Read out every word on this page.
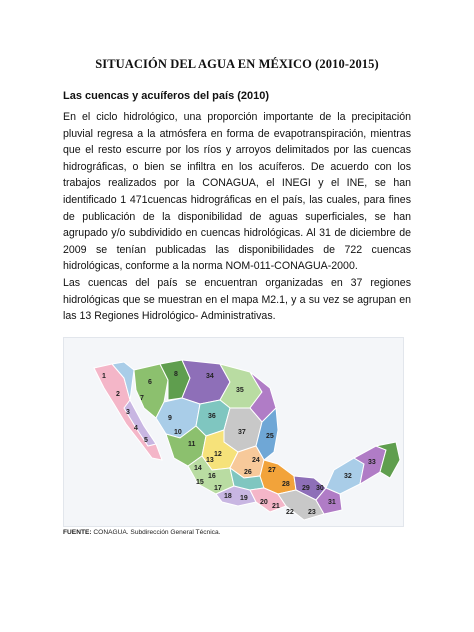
SITUACIÓN DEL AGUA EN MÉXICO (2010-2015)
Las cuencas y acuíferos del país (2010)

En el ciclo hidrológico, una proporción importante de la precipitación pluvial regresa a la atmósfera en forma de evapotranspiración, mientras que el resto escurre por los ríos y arroyos delimitados por las cuencas hidrográficas, o bien se infiltra en los acuíferos. De acuerdo con los trabajos realizados por la CONAGUA, el INEGI y el INE, se han identificado 1 471cuencas hidrográficas en el país, las cuales, para fines de publicación de la disponibilidad de aguas superficiales, se han agrupado y/o subdividido en cuencas hidrológicas. Al 31 de diciembre de 2009 se tenían publicadas las disponibilidades de 722 cuencas hidrológicas, conforme a la norma NOM-011-CONAGUA-2000.

Las cuencas del país se encuentran organizadas en 37 regiones hidrológicas que se muestran en el mapa M2.1, y a su vez se agrupan en las 13 Regiones Hidrológico- Administrativas.

1
2
3
4
5
6
7
8
9
10
11
12
13
14
15
16
17
18 19
20
21
22 23
24
25
26 27
28
29 30
31
32
33
34
35
36
37
FUENTE: CONAGUA. Subdirección General Técnica.
